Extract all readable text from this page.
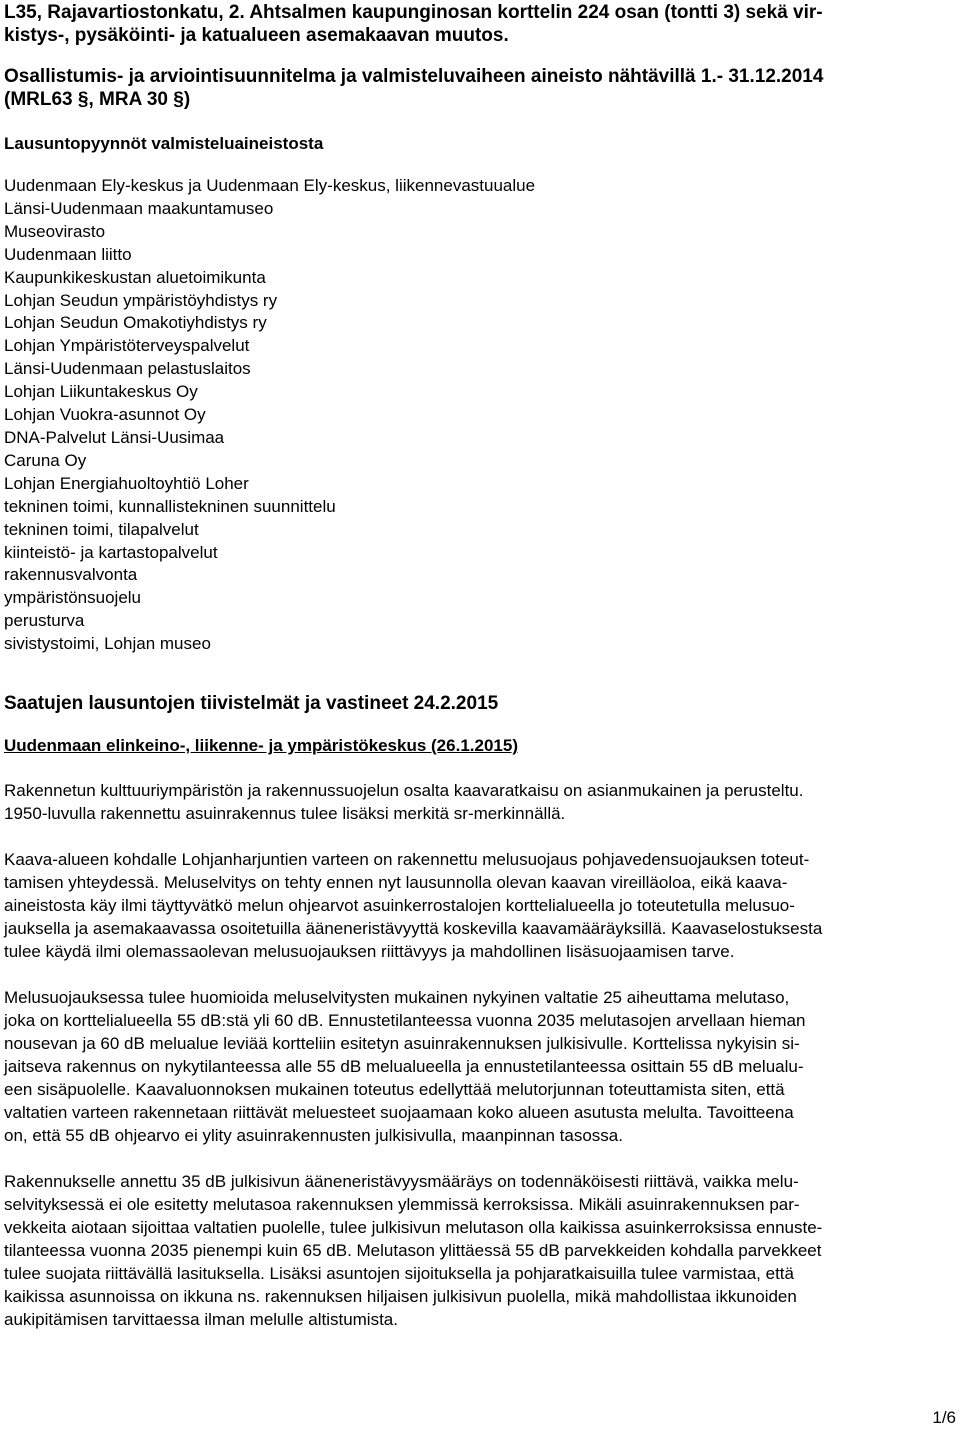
L35, Rajavartiostonkatu, 2. Ahtsalmen kaupunginosan korttelin 224 osan (tontti 3) sekä vir-
kistys-, pysäköinti- ja katualueen asemakaavan muutos.
Osallistumis- ja arviointisuunnitelma ja valmisteluvaiheen aineisto nähtävillä 1.- 31.12.2014
(MRL63 §, MRA 30 §)
Lausuntopyynnöt valmisteluaineistosta
Uudenmaan Ely-keskus ja Uudenmaan Ely-keskus, liikennevastuualue
Länsi-Uudenmaan maakuntamuseo
Museovirasto
Uudenmaan liitto
Kaupunkikeskustan aluetoimikunta
Lohjan Seudun ympäristöyhdistys ry
Lohjan Seudun Omakotiyhdistys ry
Lohjan Ympäristöterveyspalvelut
Länsi-Uudenmaan pelastuslaitos
Lohjan Liikuntakeskus Oy
Lohjan Vuokra-asunnot Oy
DNA-Palvelut Länsi-Uusimaa
Caruna Oy
Lohjan Energiahuoltoyhtiö Loher
tekninen toimi, kunnallistekninen suunnittelu
tekninen toimi, tilapalvelut
kiinteistö- ja kartastopalvelut
rakennusvalvonta
ympäristönsuojelu
perusturva
sivistystoimi, Lohjan museo
Saatujen lausuntojen tiivistelmät ja vastineet 24.2.2015
Uudenmaan elinkeino-, liikenne- ja ympäristökeskus (26.1.2015)

Rakennetun kulttuuriympäristön ja rakennussuojelun osalta kaavaratkaisu on asianmukainen ja perusteltu.
1950-luvulla rakennettu asuinrakennus tulee lisäksi merkitä sr-merkinnällä.

Kaava-alueen kohdalle Lohjanharjuntien varteen on rakennettu melusuojaus pohjavedensuojauksen toteut-
tamisen yhteydessä. Meluselvitys on tehty ennen nyt lausunnolla olevan kaavan vireilläoloa, eikä kaava-
aineistosta käy ilmi täyttyvätkö melun ohjearvot asuinkerrostalojen korttelialueella jo toteutetulla melusuo-
jauksella ja asemakaavassa osoitetuilla ääneneristävyyttä koskevilla kaavamääräyksillä. Kaavaselostuksesta
tulee käydä ilmi olemassaolevan melusuojauksen riittävyys ja mahdollinen lisäsuojaamisen tarve.

Melusuojauksessa tulee huomioida meluselvitysten mukainen nykyinen valtatie 25 aiheuttama melutaso,
joka on korttelialueella 55 dB:stä yli 60 dB. Ennustetilanteessa vuonna 2035 melutasojen arvellaan hieman
nousevan ja 60 dB melualue leviää kortteliin esitetyn asuinrakennuksen julkisivulle. Korttelissa nykyisin si-
jaitseva rakennus on nykytilanteessa alle 55 dB melualueella ja ennustetilanteessa osittain 55 dB melualu-
een sisäpuolelle. Kaavaluonnoksen mukainen toteutus edellyttää melutorjunnan toteuttamista siten, että
valtatien varteen rakennetaan riittävät meluesteet suojaamaan koko alueen asutusta melulta. Tavoitteena
on, että 55 dB ohjearvo ei ylity asuinrakennusten julkisivulla, maanpinnan tasossa.

Rakennukselle annettu 35 dB julkisivun ääneneristävyysmääräys on todennäköisesti riittävä, vaikka melu-
selvityksessä ei ole esitetty melutasoa rakennuksen ylemmissä kerroksissa. Mikäli asuinrakennuksen par-
vekkeita aiotaan sijoittaa valtatien puolelle, tulee julkisivun melutason olla kaikissa asuinkerroksissa ennuste-
tilanteessa vuonna 2035 pienempi kuin 65 dB. Melutason ylittäessä 55 dB parvekkeiden kohdalla parvekkeet
tulee suojata riittävällä lasituksella. Lisäksi asuntojen sijoituksella ja pohjaratkaisuilla tulee varmistaa, että
kaikissa asunnoissa on ikkuna ns. rakennuksen hiljaisen julkisivun puolella, mikä mahdollistaa ikkunoiden
aukipitämisen tarvittaessa ilman melulle altistumista.

1/6
